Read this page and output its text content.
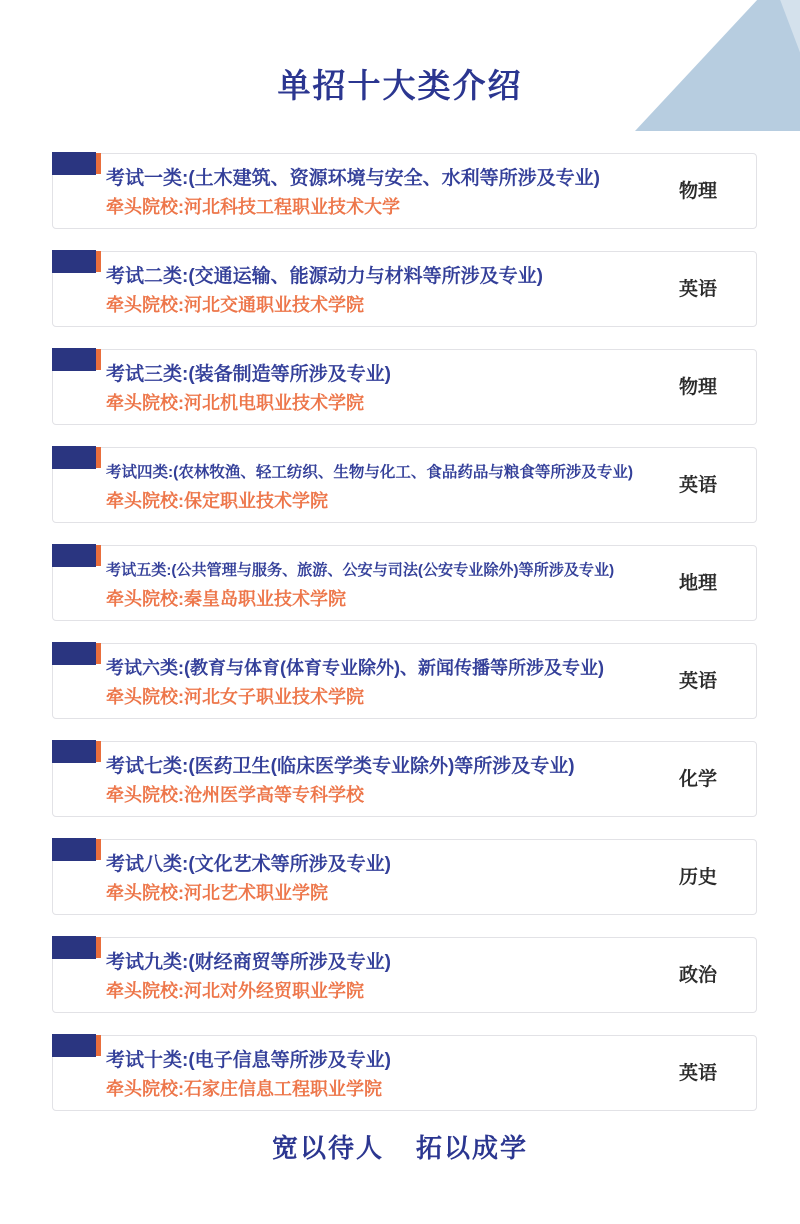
单招十大类介绍
考试一类:(土木建筑、资源环境与安全、水利等所涉及专业)
牵头院校:河北科技工程职业技术大学
物理
考试二类:(交通运输、能源动力与材料等所涉及专业)
牵头院校:河北交通职业技术学院
英语
考试三类:(装备制造等所涉及专业)
牵头院校:河北机电职业技术学院
物理
考试四类:(农林牧渔、轻工纺织、生物与化工、食品药品与粮食等所涉及专业)
牵头院校:保定职业技术学院
英语
考试五类:(公共管理与服务、旅游、公安与司法(公安专业除外)等所涉及专业)
牵头院校:秦皇岛职业技术学院
地理
考试六类:(教育与体育(体育专业除外)、新闻传播等所涉及专业)
牵头院校:河北女子职业技术学院
英语
考试七类:(医药卫生(临床医学类专业除外)等所涉及专业)
牵头院校:沧州医学高等专科学校
化学
考试八类:(文化艺术等所涉及专业)
牵头院校:河北艺术职业学院
历史
考试九类:(财经商贸等所涉及专业)
牵头院校:河北对外经贸职业学院
政治
考试十类:(电子信息等所涉及专业)
牵头院校:石家庄信息工程职业学院
英语
宽以待人 拓以成学
